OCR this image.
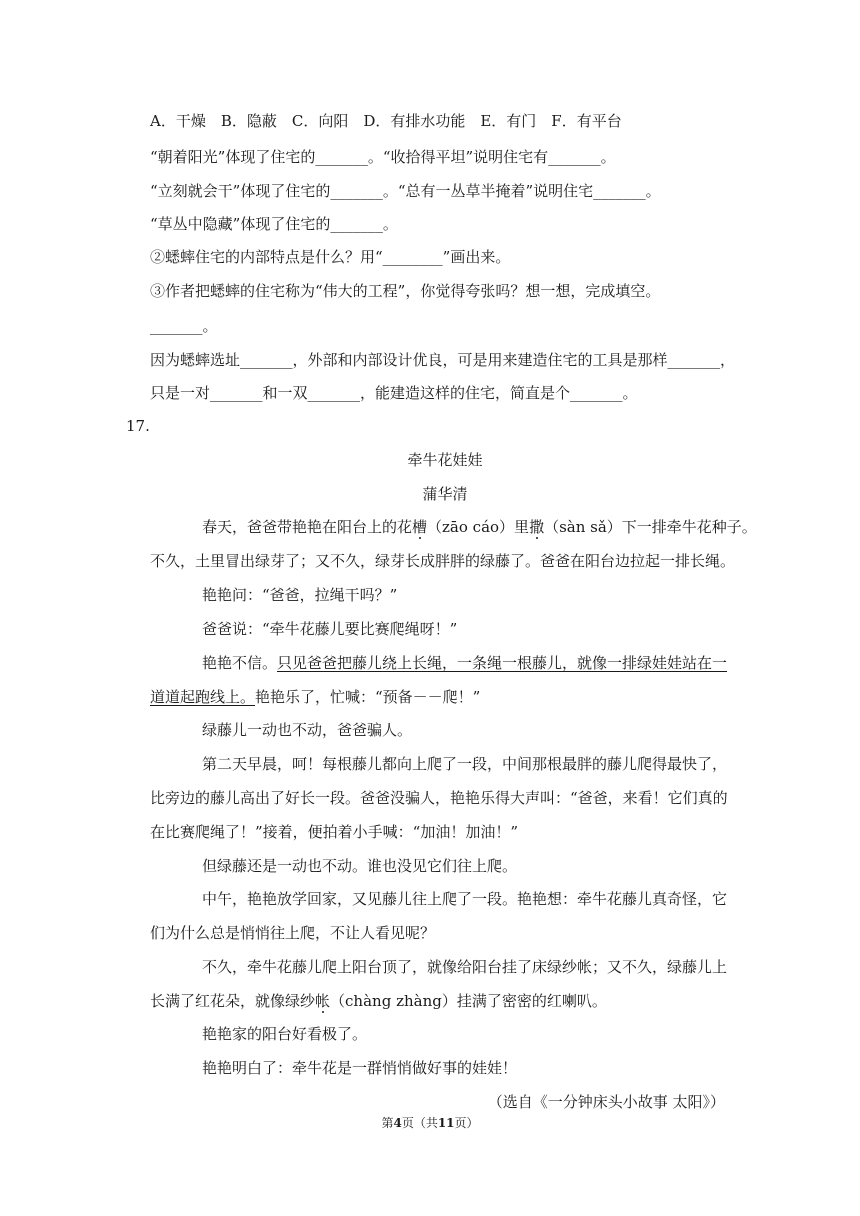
A．干燥　B．隐蔽　C．向阳　D．有排水功能　E．有门　F．有平台
“朝着阳光”体现了住宅的_______。“收拾得平坦”说明住宅有_______。
“立刻就会干”体现了住宅的_______。“总有一丛草半掩着”说明住宅_______。
“草丛中隐藏”体现了住宅的_______。
②蟋蟀住宅的内部特点是什么？用“________”画出来。
③作者把蟋蟀的住宅称为“伟大的工程”，你觉得夸张吗？想一想，完成填空。
_______。
因为蟋蟀选址_______，外部和内部设计优良，可是用来建造住宅的工具是那样_______，
只是一对_______和一双_______，能建造这样的住宅，简直是个_______。
17.
牵牛花娃娃
蒲华清
春天，爸爸带艳艳在阳台上的花槽（zāo cáo）里撒（sàn sǎ）下一排牵牛花种子。
不久，土里冒出绿芽了；又不久，绿芽长成胖胖的绿藤了。爸爸在阳台边拉起一排长绳。
艳艳问：“爸爸，拉绳干吗？”
爸爸说：“牵牛花藤儿要比赛爬绳呀！”
艳艳不信。只见爸爸把藤儿绕上长绳，一条绳一根藤儿，就像一排绿娃娃站在一
道道起跑线上。艳艳乐了，忙喊：“预备－－爬！”
绿藤儿一动也不动，爸爸骗人。
第二天早晨，呵！每根藤儿都向上爬了一段，中间那根最胖的藤儿爬得最快了，
比旁边的藤儿高出了好长一段。爸爸没骗人，艳艳乐得大声叫：“爸爸，来看！它们真的
在比赛爬绳了！”接着，便拍着小手喊：“加油！加油！”
但绿藤还是一动也不动。谁也没见它们往上爬。
中午，艳艳放学回家，又见藤儿往上爬了一段。艳艳想：牵牛花藤儿真奇怪，它
们为什么总是悄悄往上爬，不让人看见呢？
不久，牵牛花藤儿爬上阳台顶了，就像给阳台挂了床绿纱帐；又不久，绿藤儿上
长满了红花朵，就像绿纱帐（chàng zhàng）挂满了密密的红喇叭。
艳艳家的阳台好看极了。
艳艳明白了：牵牛花是一群悄悄做好事的娃娃！
（选自《一分钟床头小故事 太阳》）
第4页（共11页）
